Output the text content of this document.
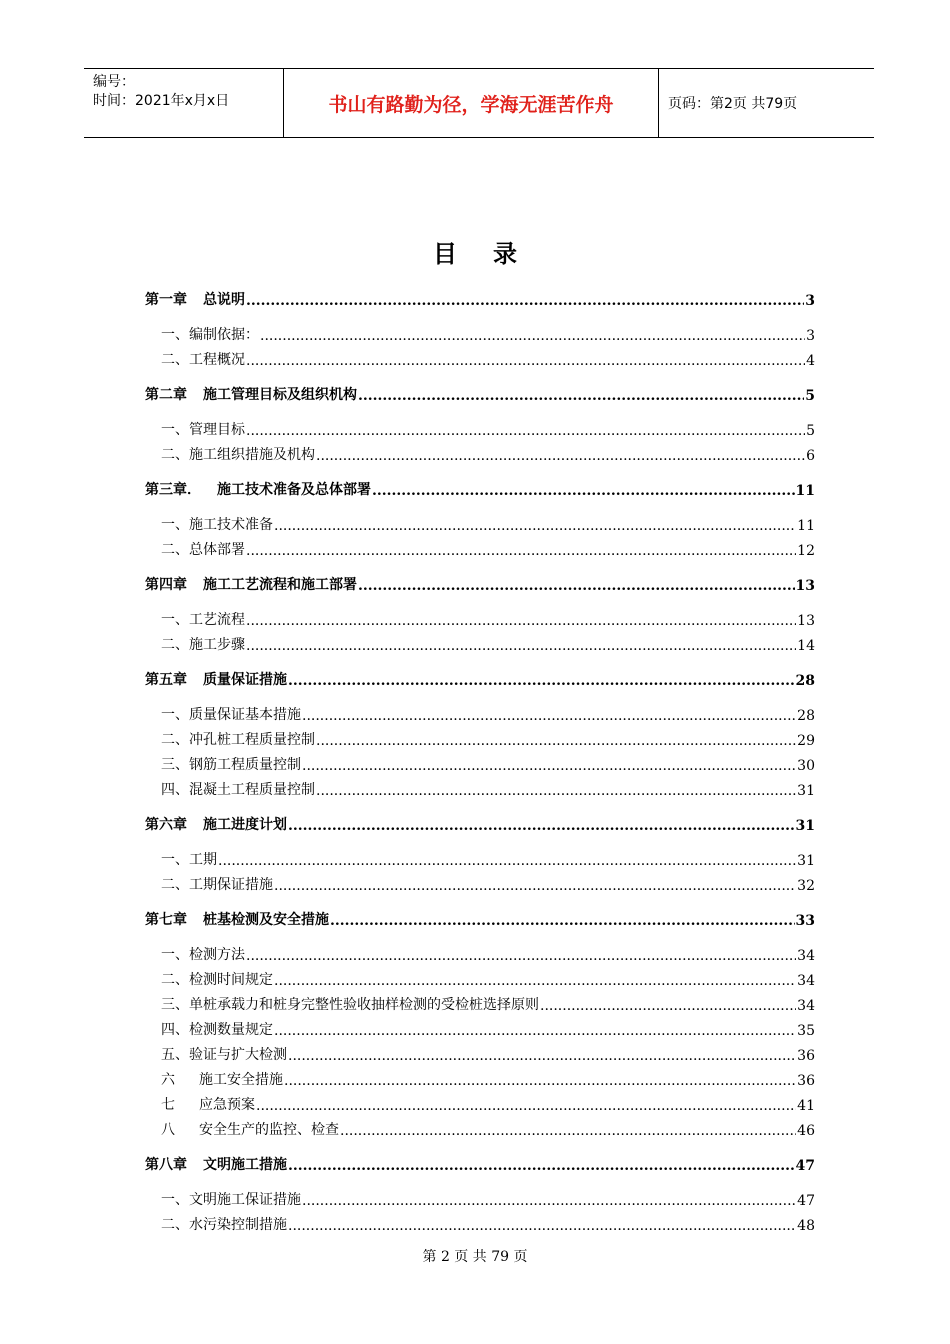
编号：
时间：2021年x月x日	书山有路勤为径，学海无涯苦作舟	页码：第2页 共79页
目录
第一章 总说明 .....	3
一、 编制依据： .....	3
二、 工程概况 .....	4
第二章 施工管理目标及组织机构 .....	5
一、 管理目标 .....	5
二、 施工组织措施及机构 .....	6
第三章． 施工技术准备及总体部署 .....	11
一、 施工技术准备 .....	11
二、 总体部署 .....	12
第四章 施工工艺流程和施工部署 .....	13
一、 工艺流程 .....	13
二、 施工步骤 .....	14
第五章 质量保证措施 .....	28
一、 质量保证基本措施 .....	28
二、 冲孔桩工程质量控制 .....	29
三、 钢筋工程质量控制 .....	30
四、 混凝土工程质量控制 .....	31
第六章 施工进度计划 .....	31
一、 工期 .....	31
二、 工期保证措施 .....	32
第七章 桩基检测及安全措施 .....	33
一、 检测方法 .....	34
二、 检测时间规定 .....	34
三、 单桩承载力和桩身完整性验收抽样检测的受检桩选择原则 .....	34
四、 检测数量规定 .....	35
五、 验证与扩大检测 .....	36
六 施工安全措施 .....	36
七 应急预案 .....	41
八 安全生产的监控、检查 .....	46
第八章 文明施工措施 .....	47
一、 文明施工保证措施 .....	47
二、 水污染控制措施 .....	48
第 2 页 共 79 页
